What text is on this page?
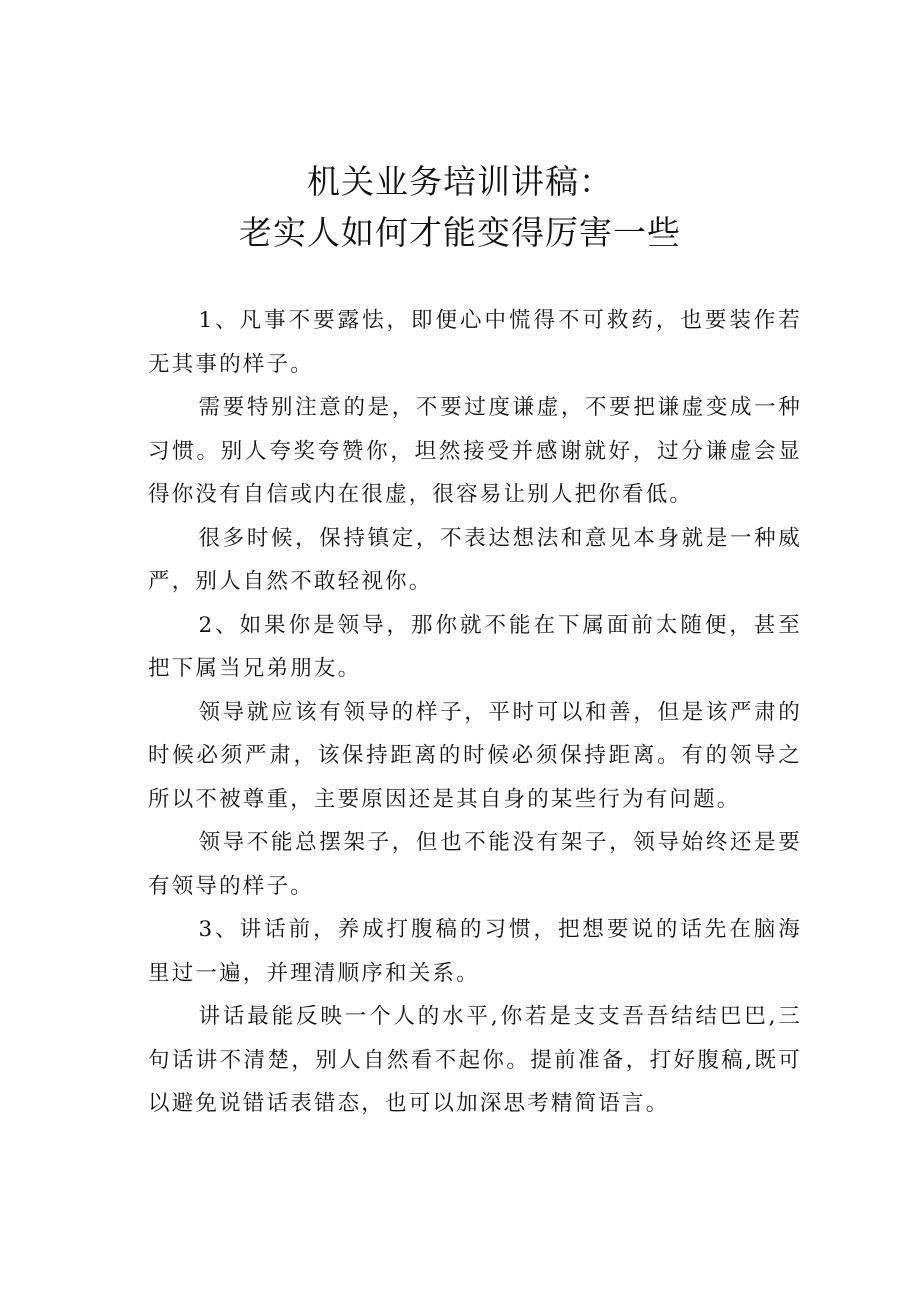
机关业务培训讲稿：
老实人如何才能变得厉害一些

1、凡事不要露怯，即便心中慌得不可救药，也要装作若无其事的样子。

需要特别注意的是，不要过度谦虚，不要把谦虚变成一种习惯。别人夸奖夸赞你，坦然接受并感谢就好，过分谦虚会显得你没有自信或内在很虚，很容易让别人把你看低。

很多时候，保持镇定，不表达想法和意见本身就是一种威严，别人自然不敢轻视你。

2、如果你是领导，那你就不能在下属面前太随便，甚至把下属当兄弟朋友。

领导就应该有领导的样子，平时可以和善，但是该严肃的时候必须严肃，该保持距离的时候必须保持距离。有的领导之所以不被尊重，主要原因还是其自身的某些行为有问题。

领导不能总摆架子，但也不能没有架子，领导始终还是要有领导的样子。

3、讲话前，养成打腹稿的习惯，把想要说的话先在脑海里过一遍，并理清顺序和关系。

讲话最能反映一个人的水平,你若是支支吾吾结结巴巴,三句话讲不清楚，别人自然看不起你。提前准备，打好腹稿,既可以避免说错话表错态，也可以加深思考精简语言。
